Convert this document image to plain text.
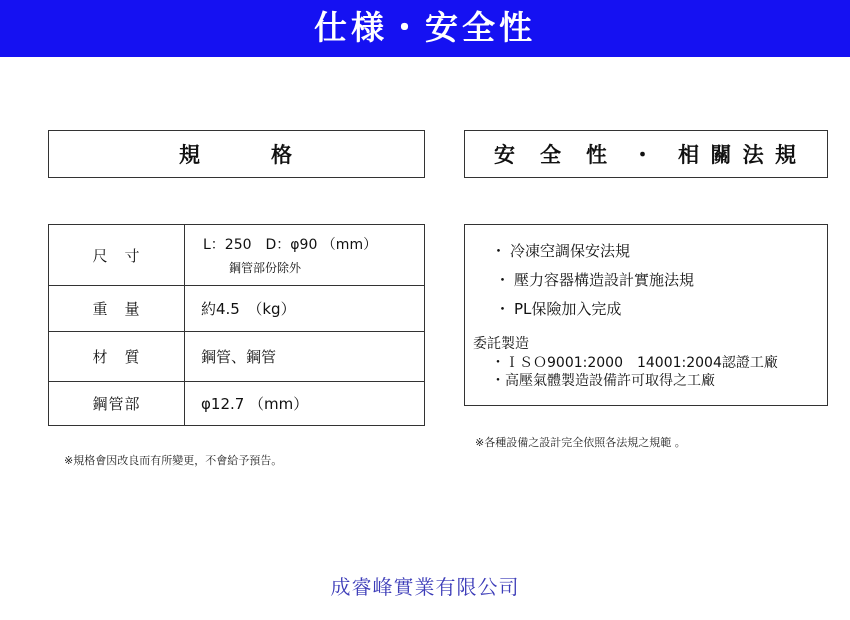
仕様・安全性
規　　　格	安　全　性　・　相 關 法 規
尺　寸	L：250　D：φ90 （mm）
鋼管部份除外

重　量	約4.5　（kg）
材　質	鋼管、鋼管
鋼管部	φ12.7 （mm）
・ 冷凍空調保安法規
・ 壓力容器構造設計實施法規
・ PL保險加入完成
委託製造
・ＩＳＯ9001:2000　14001:2004認證工廠
・高壓氣體製造設備許可取得之工廠
※規格會因改良而有所變更，不會給予預告。
※各種設備之設計完全依照各法規之規範 。
成睿峰實業有限公司
